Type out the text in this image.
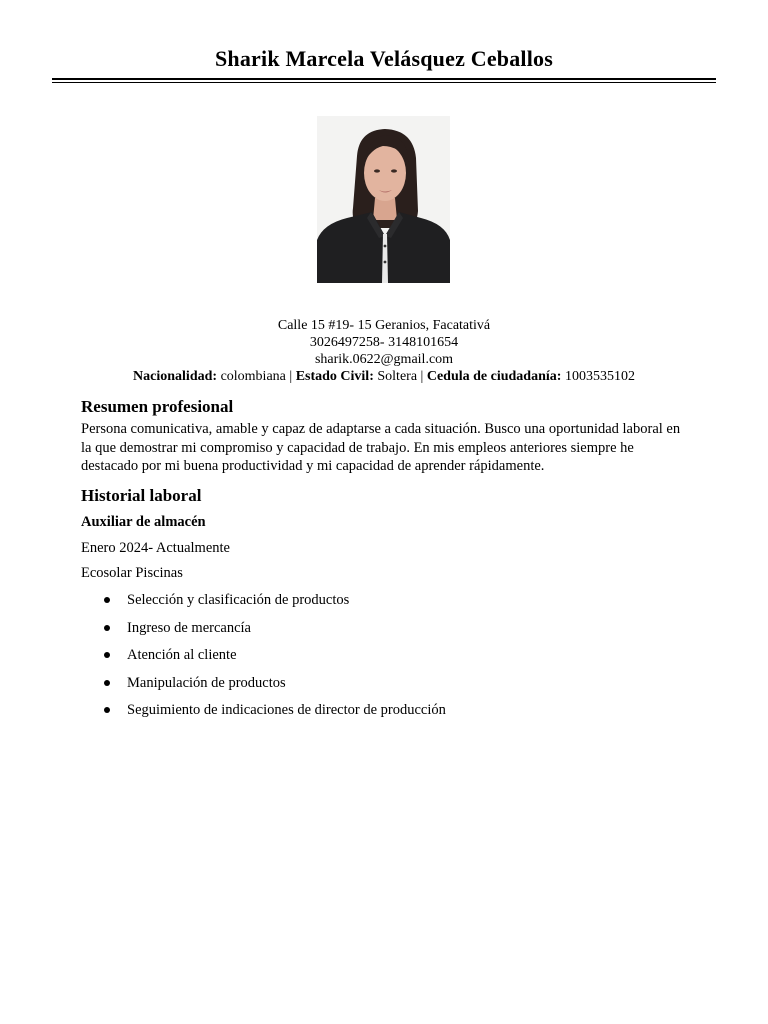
Sharik Marcela Velásquez Ceballos
Calle 15 #19- 15 Geranios, Facatativá
3026497258- 3148101654
sharik.0622@gmail.com
Nacionalidad: colombiana | Estado Civil: Soltera | Cedula de ciudadanía: 1003535102
Resumen profesional
Persona comunicativa, amable y capaz de adaptarse a cada situación. Busco una oportunidad laboral en la que demostrar mi compromiso y capacidad de trabajo. En mis empleos anteriores siempre he destacado por mi buena productividad y mi capacidad de aprender rápidamente.
Historial laboral
Auxiliar de almacén
Enero 2024- Actualmente
Ecosolar Piscinas
Selección y clasificación de productos
Ingreso de mercancía
Atención al cliente
Manipulación de productos
Seguimiento de indicaciones de director de producción
